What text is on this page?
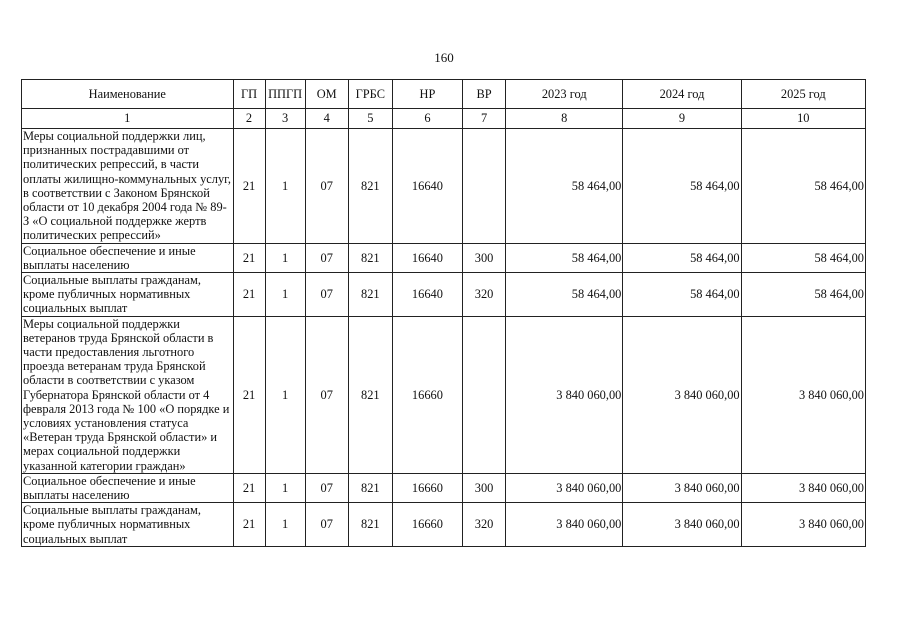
160
Наименование	ГП	ППГП	ОМ	ГРБС	НР	ВР	2023 год	2024 год	2025 год
1	2	3	4	5	6	7	8	9	10
Меры социальной поддержки лиц, признанных пострадавшими от политических репрессий, в части оплаты жилищно-коммунальных услуг, в соответствии с Законом Брянской области от 10 декабря 2004 года № 89-З «О социальной поддержке жертв политических репрессий»	21	1	07	821	16640		58 464,00	58 464,00	58 464,00
Социальное обеспечение и иные выплаты населению	21	1	07	821	16640	300	58 464,00	58 464,00	58 464,00
Социальные выплаты гражданам, кроме публичных нормативных социальных выплат	21	1	07	821	16640	320	58 464,00	58 464,00	58 464,00
Меры социальной поддержки ветеранов труда Брянской области в части предоставления льготного проезда ветеранам труда Брянской области в соответствии с указом Губернатора Брянской области от 4 февраля 2013 года № 100 «О порядке и условиях установления статуса «Ветеран труда Брянской области» и мерах социальной поддержки указанной категории граждан»	21	1	07	821	16660		3 840 060,00	3 840 060,00	3 840 060,00
Социальное обеспечение и иные выплаты населению	21	1	07	821	16660	300	3 840 060,00	3 840 060,00	3 840 060,00
Социальные выплаты гражданам, кроме публичных нормативных социальных выплат	21	1	07	821	16660	320	3 840 060,00	3 840 060,00	3 840 060,00
